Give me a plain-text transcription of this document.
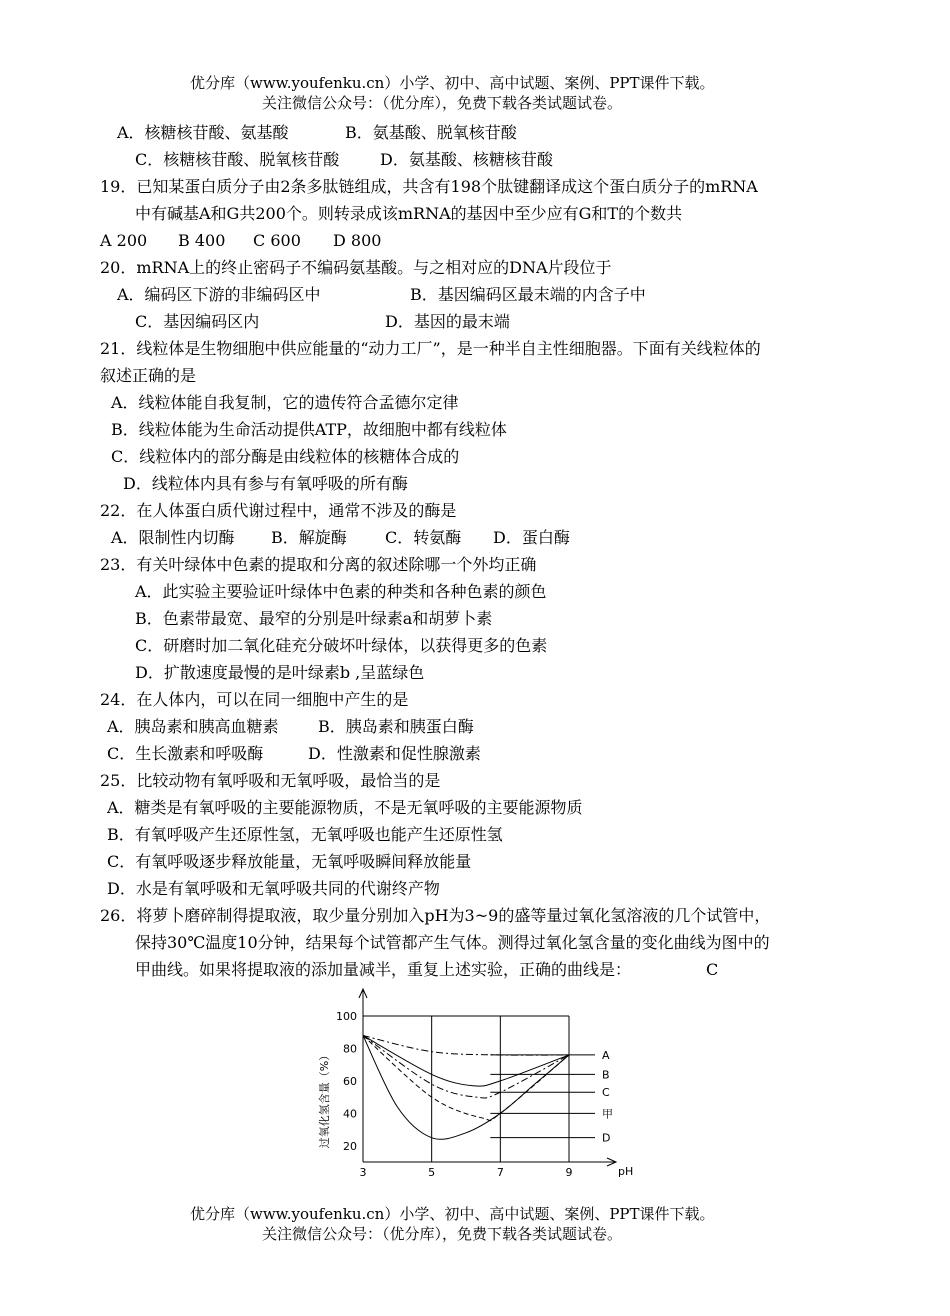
优分库（www.youfenku.cn）小学、初中、高中试题、案例、PPT课件下载。
关注微信公众号：（优分库），免费下载各类试题试卷。
A．核糖核苷酸、氨基酸	B．氨基酸、脱氧核苷酸
C．核糖核苷酸、脱氧核苷酸	D．氨基酸、核糖核苷酸
19．已知某蛋白质分子由2条多肽链组成，共含有198个肽键翻译成这个蛋白质分子的mRNA
中有碱基A和G共200个。则转录成该mRNA的基因中至少应有G和T的个数共
A 200 B 400 C 600 D 800
20．mRNA上的终止密码子不编码氨基酸。与之相对应的DNA片段位于
A．编码区下游的非编码区中	B．基因编码区最末端的内含子中
C．基因编码区内	D．基因的最末端
21．线粒体是生物细胞中供应能量的“动力工厂”，是一种半自主性细胞器。下面有关线粒体的
叙述正确的是
A．线粒体能自我复制，它的遗传符合孟德尔定律
B．线粒体能为生命活动提供ATP，故细胞中都有线粒体
C．线粒体内的部分酶是由线粒体的核糖体合成的
D．线粒体内具有参与有氧呼吸的所有酶
22．在人体蛋白质代谢过程中，通常不涉及的酶是
A．限制性内切酶 B．解旋酶 C．转氨酶 D．蛋白酶
23．有关叶绿体中色素的提取和分离的叙述除哪一个外均正确
A．此实验主要验证叶绿体中色素的种类和各种色素的颜色
B．色素带最宽、最窄的分别是叶绿素a和胡萝卜素
C．研磨时加二氧化硅充分破坏叶绿体，以获得更多的色素
D．扩散速度最慢的是叶绿素b ,呈蓝绿色
24．在人体内，可以在同一细胞中产生的是
A．胰岛素和胰高血糖素 B．胰岛素和胰蛋白酶
C．生长激素和呼吸酶	D．性激素和促性腺激素
25．比较动物有氧呼吸和无氧呼吸，最恰当的是
A．糖类是有氧呼吸的主要能源物质，不是无氧呼吸的主要能源物质
B．有氧呼吸产生还原性氢，无氧呼吸也能产生还原性氢
C．有氧呼吸逐步释放能量，无氧呼吸瞬间释放能量
D．水是有氧呼吸和无氧呼吸共同的代谢终产物
26．将萝卜磨碎制得提取液，取少量分别加入pH为3~9的盛等量过氧化氢溶液的几个试管中，
保持30℃温度10分钟，结果每个试管都产生气体。测得过氧化氢含量的变化曲线为图中的
甲曲线。如果将提取液的添加量减半，重复上述实验，正确的曲线是：	C
3	5	7	9	pH
100
80
60
40
20
过氧化氢含量（%）	A
B
C
甲
D
优分库（www.youfenku.cn）小学、初中、高中试题、案例、PPT课件下载。
关注微信公众号：（优分库），免费下载各类试题试卷。
